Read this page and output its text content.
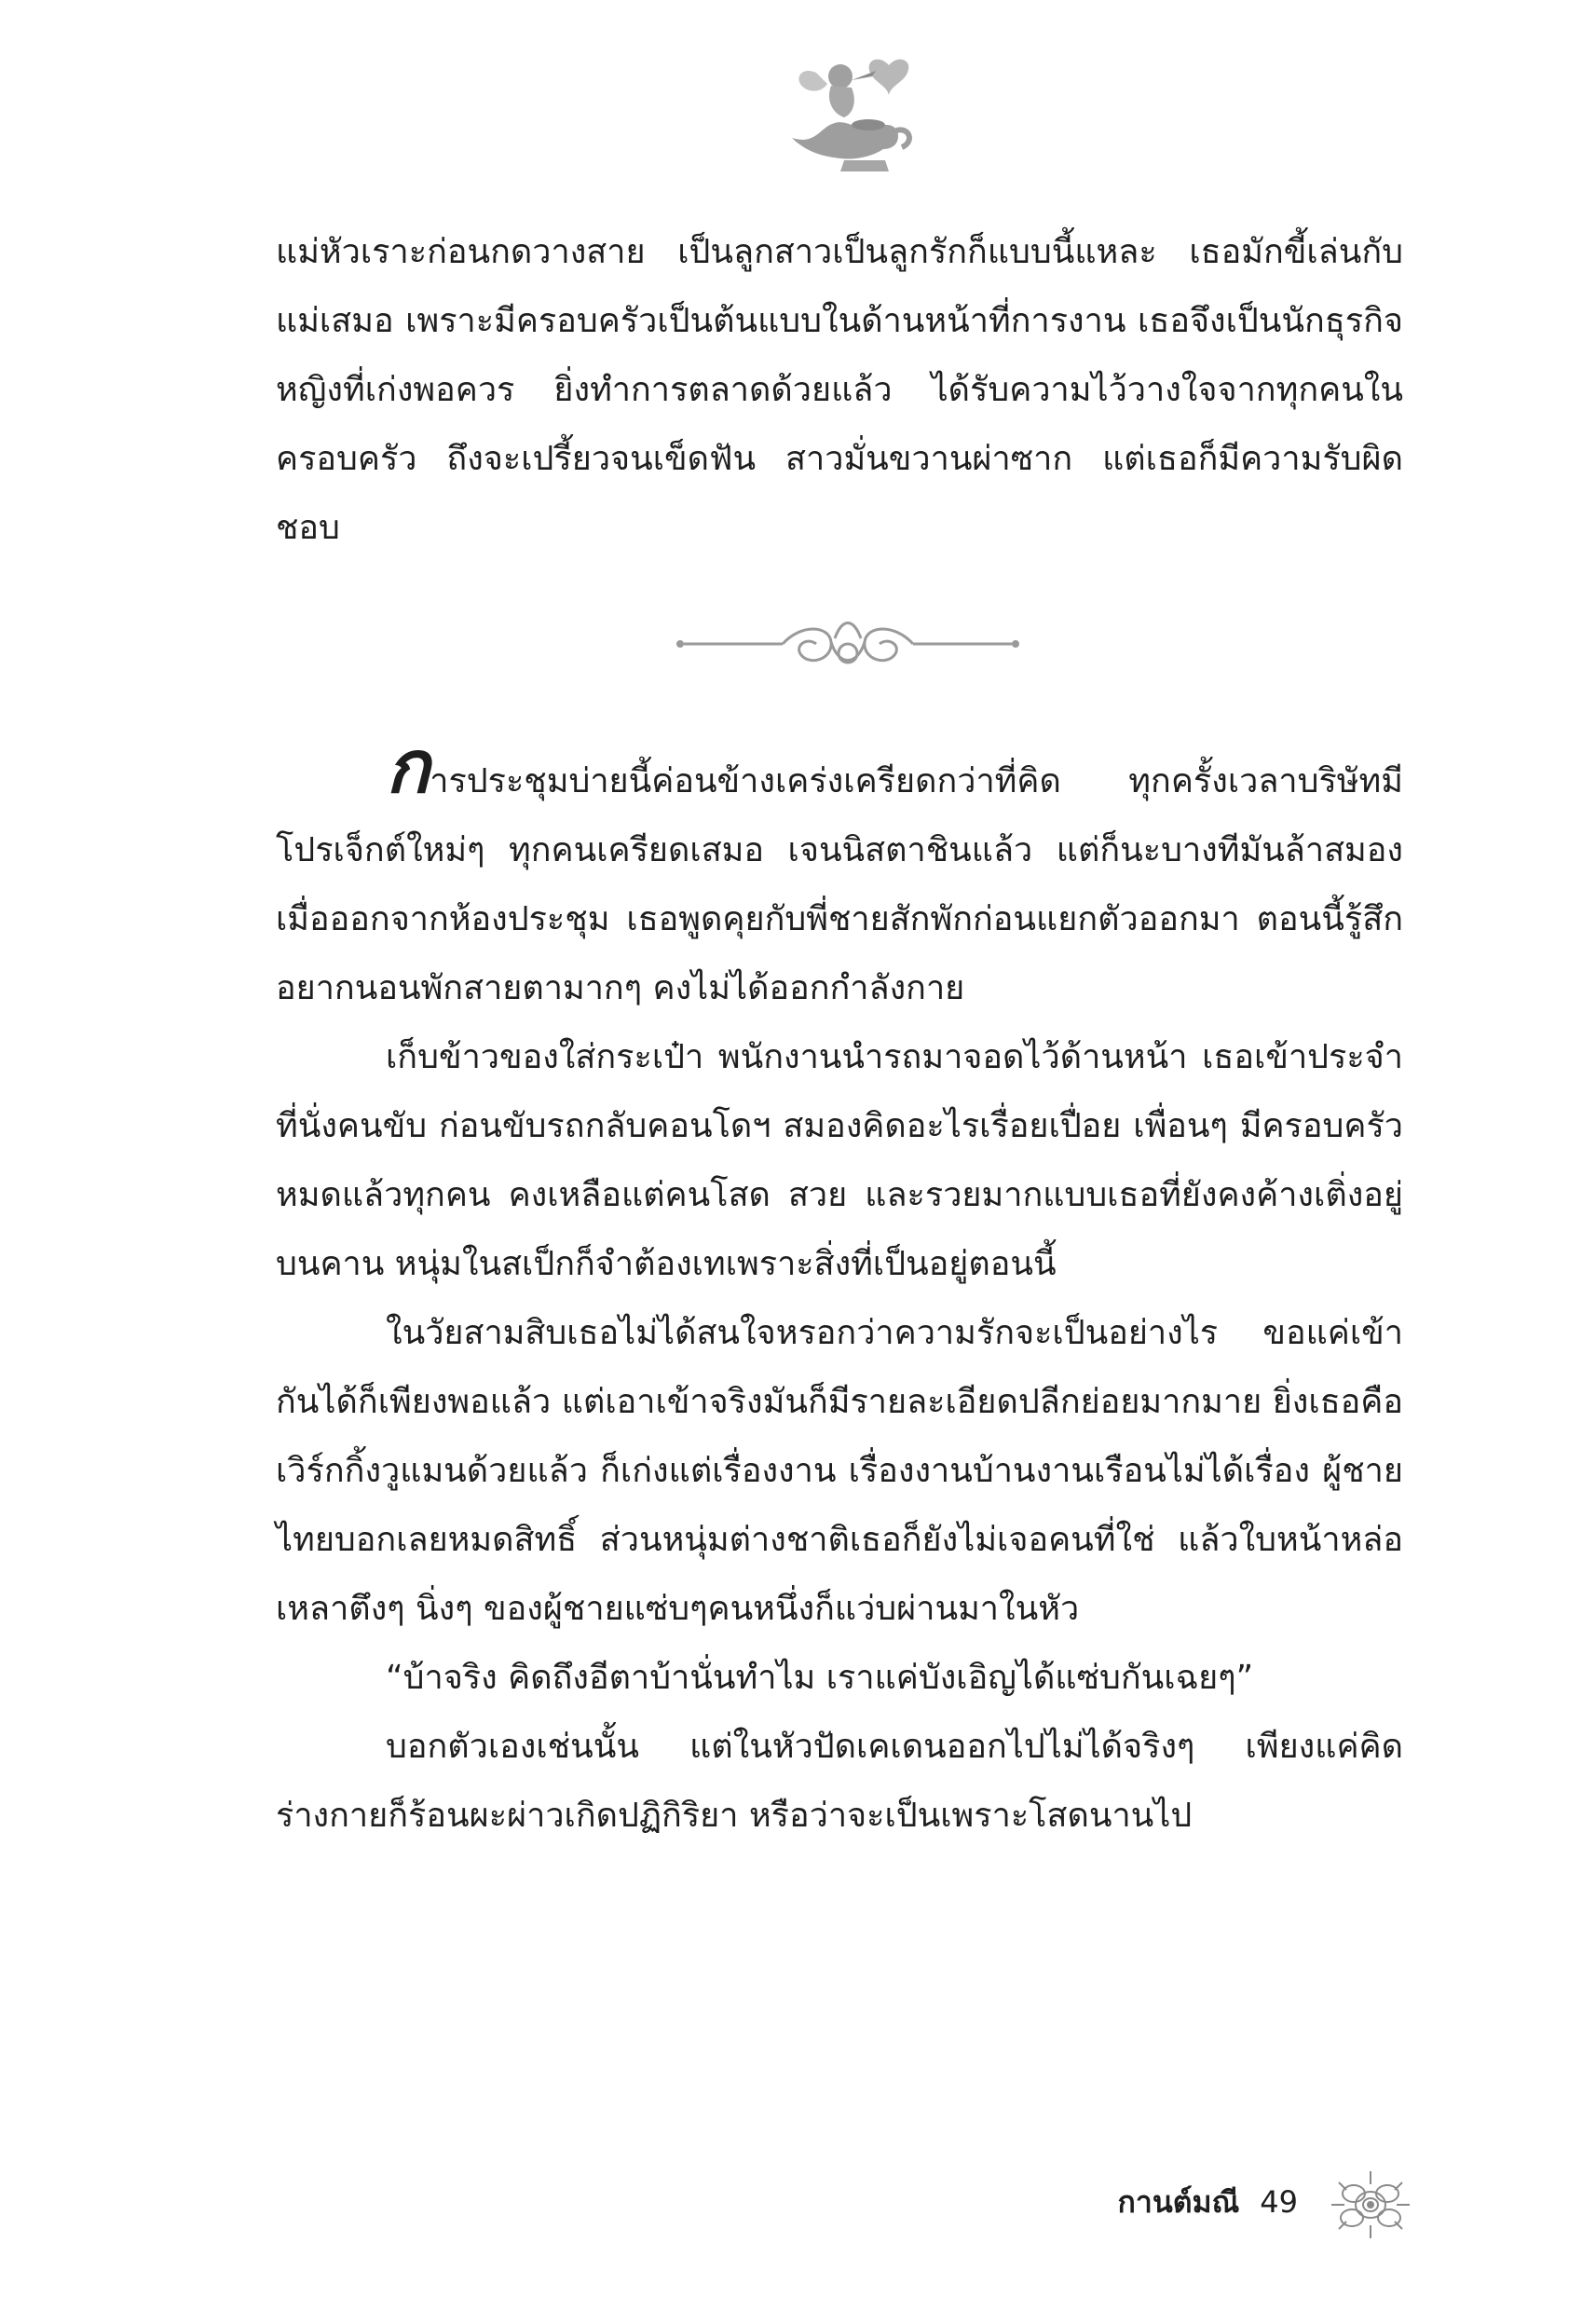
แม่หัวเราะก่อนกดวางสาย เป็นลูกสาวเป็นลูกรักก็แบบนี้แหละ เธอมักขี้เล่นกับแม่เสมอ เพราะมีครอบครัวเป็นต้นแบบในด้านหน้าที่การงาน เธอจึงเป็นนักธุรกิจหญิงที่เก่งพอควร ยิ่งทำการตลาดด้วยแล้ว ได้รับความไว้วางใจจากทุกคนในครอบครัว ถึงจะเปรี้ยวจนเข็ดฟัน สาวมั่นขวานผ่าซาก แต่เธอก็มีความรับผิดชอบ

การประชุมบ่ายนี้ค่อนข้างเคร่งเครียดกว่าที่คิด ทุกครั้งเวลาบริษัทมีโปรเจ็กต์ใหม่ๆ ทุกคนเครียดเสมอ เจนนิสตาชินแล้ว แต่ก็นะบางทีมันล้าสมอง เมื่อออกจากห้องประชุม เธอพูดคุยกับพี่ชายสักพักก่อนแยกตัวออกมา ตอนนี้รู้สึกอยากนอนพักสายตามากๆ คงไม่ได้ออกกำลังกาย

เก็บข้าวของใส่กระเป๋า พนักงานนำรถมาจอดไว้ด้านหน้า เธอเข้าประจำที่นั่งคนขับ ก่อนขับรถกลับคอนโดฯ สมองคิดอะไรเรื่อยเปื่อย เพื่อนๆ มีครอบครัวหมดแล้วทุกคน คงเหลือแต่คนโสด สวย และรวยมากแบบเธอที่ยังคงค้างเติ่งอยู่บนคาน หนุ่มในสเป็กก็จำต้องเทเพราะสิ่งที่เป็นอยู่ตอนนี้

ในวัยสามสิบเธอไม่ได้สนใจหรอกว่าความรักจะเป็นอย่างไร ขอแค่เข้ากันได้ก็เพียงพอแล้ว แต่เอาเข้าจริงมันก็มีรายละเอียดปลีกย่อยมากมาย ยิ่งเธอคือเวิร์กกิ้งวูแมนด้วยแล้ว ก็เก่งแต่เรื่องงาน เรื่องงานบ้านงานเรือนไม่ได้เรื่อง ผู้ชายไทยบอกเลยหมดสิทธิ์ ส่วนหนุ่มต่างชาติเธอก็ยังไม่เจอคนที่ใช่ แล้วใบหน้าหล่อเหลาตึงๆ นิ่งๆ ของผู้ชายแซ่บๆคนหนึ่งก็แว่บผ่านมาในหัว

“บ้าจริง คิดถึงอีตาบ้านั่นทำไม เราแค่บังเอิญได้แซ่บกันเฉยๆ”

บอกตัวเองเช่นนั้น แต่ในหัวปัดเคเดนออกไปไม่ได้จริงๆ เพียงแค่คิดร่างกายก็ร้อนผะผ่าวเกิดปฏิกิริยา หรือว่าจะเป็นเพราะโสดนานไป

กานต์มณี 49
